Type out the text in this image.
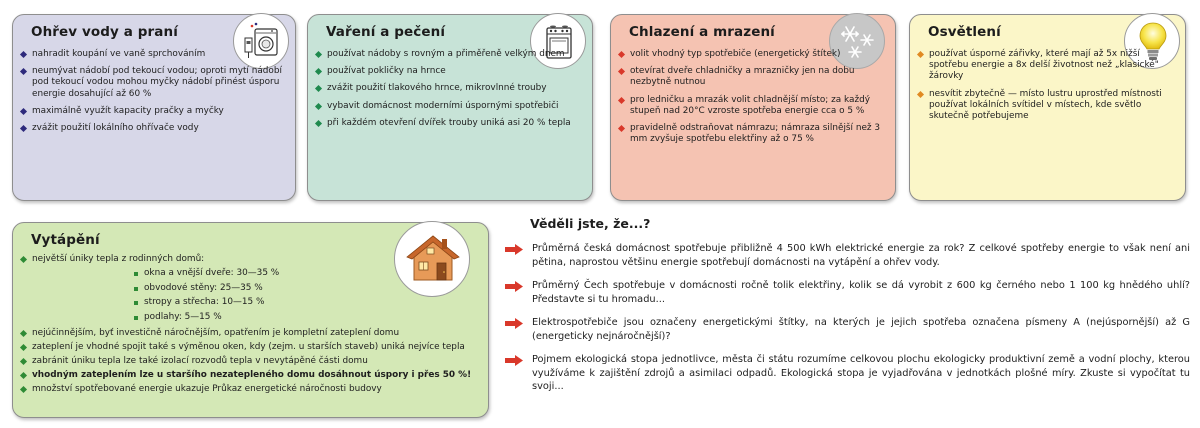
Ohřev vody a praní
nahradit koupání ve vaně sprchováním
neumývat nádobí pod tekoucí vodou; oproti mytí nádobí pod tekoucí vodou mohou myčky nádobí přinést úsporu energie dosahující až 60 %
maximálně využít kapacity pračky a myčky
zvážit použití lokálního ohřívače vody
Vaření a pečení
používat nádoby s rovným a přiměřeně velkým dnem
používat pokličky na hrnce
zvážit použití tlakového hrnce, mikrovlnné trouby
vybavit domácnost moderními úspornými spotřebiči
při každém otevření dvířek trouby uniká asi 20 % tepla
Chlazení a mrazení
volit vhodný typ spotřebiče (energetický štítek)
otevírat dveře chladničky a mrazničky jen na dobu nezbytně nutnou
pro ledničku a mrazák volit chladnější místo; za každý stupeň nad 20°C vzroste spotřeba energie cca o 5 %
pravidelně odstraňovat námrazu; námraza silnější než 3 mm zvyšuje spotřebu elektřiny až o 75 %
Osvětlení
používat úsporné zářivky, které mají až 5x nižší spotřebu energie a 8x delší životnost než „klasické" žárovky
nesvítit zbytečně — místo lustru uprostřed místnosti používat lokálních svítidel v místech, kde světlo skutečně potřebujeme
Vytápění
největší úniky tepla z rodinných domů:
okna a vnější dveře: 30—35 %
obvodové stěny: 25—35 %
stropy a střecha: 10—15 %
podlahy: 5—15 %
nejúčinnějším, byť investičně náročnějším, opatřením je kompletní zateplení domu
zateplení je vhodné spojit také s výměnou oken, kdy (zejm. u starších staveb) uniká nejvíce tepla
zabránit úniku tepla lze také izolací rozvodů tepla v nevytápěné části domu
vhodným zateplením lze u staršího nezatepleného domu dosáhnout úspory i přes 50 %!
množství spotřebované energie ukazuje Průkaz energetické náročnosti budovy
Věděli jste, že...?
Průměrná česká domácnost spotřebuje přibližně 4 500 kWh elektrické energie za rok? Z celkové spotřeby energie to však není ani pětina, naprostou většinu energie spotřebují domácnosti na vytápění a ohřev vody.
Průměrný Čech spotřebuje v domácnosti ročně tolik elektřiny, kolik se dá vyrobit z 600 kg černého nebo 1 100 kg hnědého uhlí? Představte si tu hromadu...
Elektrospotřebiče jsou označeny energetickými štítky, na kterých je jejich spotřeba označena písmeny A (nejúspornější) až G (energeticky nejnáročnější)?
Pojmem ekologická stopa jednotlivce, města či státu rozumíme celkovou plochu ekologicky produktivní země a vodní plochy, kterou využíváme k zajištění zdrojů a asimilaci odpadů. Ekologická stopa je vyjadřována v jednotkách plošné míry. Zkuste si vypočítat tu svoji...
